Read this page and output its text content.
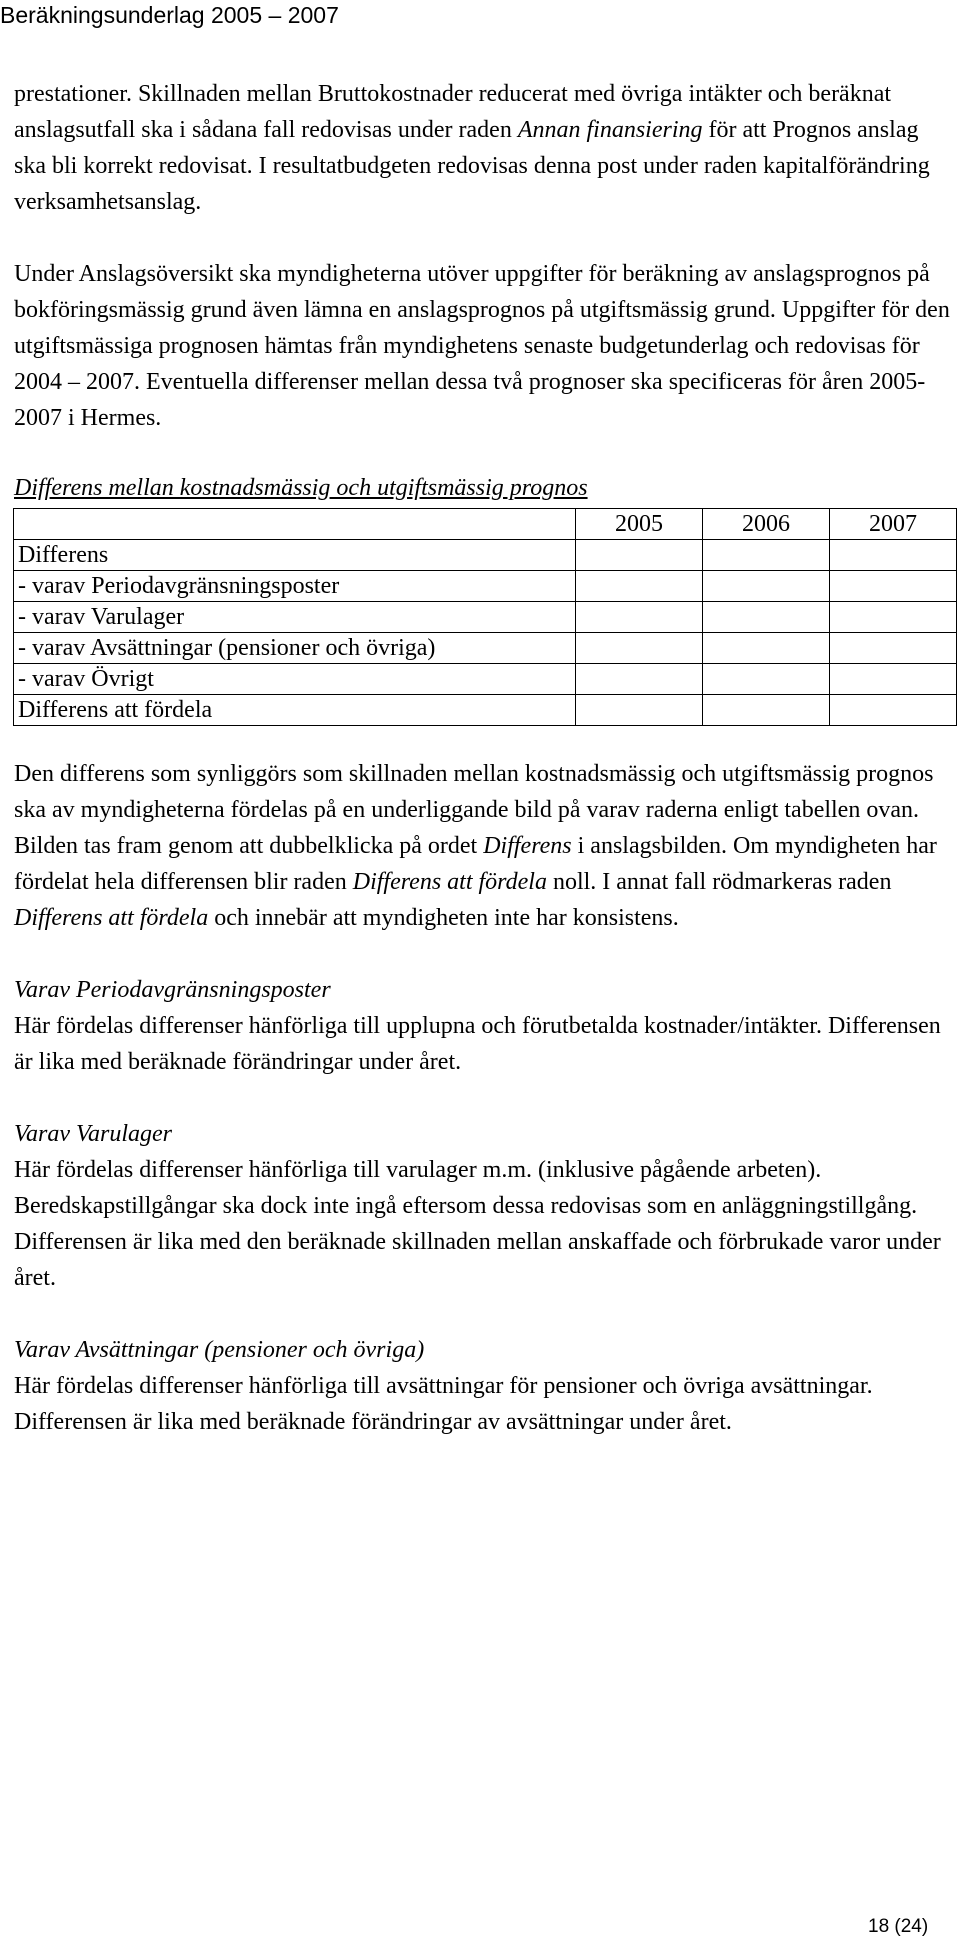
Beräkningsunderlag 2005 – 2007

prestationer. Skillnaden mellan Bruttokostnader reducerat med övriga intäkter och beräknat anslagsutfall ska i sådana fall redovisas under raden Annan finansiering för att Prognos anslag ska bli korrekt redovisat. I resultatbudgeten redovisas denna post under raden kapitalförändring verksamhetsanslag.

Under Anslagsöversikt ska myndigheterna utöver uppgifter för beräkning av anslagsprognos på bokföringsmässig grund även lämna en anslagsprognos på utgiftsmässig grund. Uppgifter för den utgiftsmässiga prognosen hämtas från myndighetens senaste budgetunderlag och redovisas för 2004 – 2007. Eventuella differenser mellan dessa två prognoser ska specificeras för åren 2005-2007 i Hermes.

Differens mellan kostnadsmässig och utgiftsmässig prognos

	2005	2006	2007
Differens			
- varav Periodavgränsningsposter			
- varav Varulager			
- varav Avsättningar (pensioner och övriga)			
- varav Övrigt			
Differens att fördela			

Den differens som synliggörs som skillnaden mellan kostnadsmässig och utgiftsmässig prognos ska av myndigheterna fördelas på en underliggande bild på varav raderna enligt tabellen ovan. Bilden tas fram genom att dubbelklicka på ordet Differens i anslagsbilden. Om myndigheten har fördelat hela differensen blir raden Differens att fördela noll. I annat fall rödmarkeras raden Differens att fördela och innebär att myndigheten inte har konsistens.

Varav Periodavgränsningsposter

Här fördelas differenser hänförliga till upplupna och förutbetalda kostnader/intäkter. Differensen är lika med beräknade förändringar under året.

Varav Varulager

Här fördelas differenser hänförliga till varulager m.m. (inklusive pågående arbeten). Beredskapstillgångar ska dock inte ingå eftersom dessa redovisas som en anläggningstillgång. Differensen är lika med den beräknade skillnaden mellan anskaffade och förbrukade varor under året.

Varav Avsättningar (pensioner och övriga)

Här fördelas differenser hänförliga till avsättningar för pensioner och övriga avsättningar. Differensen är lika med beräknade förändringar av avsättningar under året.

18 (24)
